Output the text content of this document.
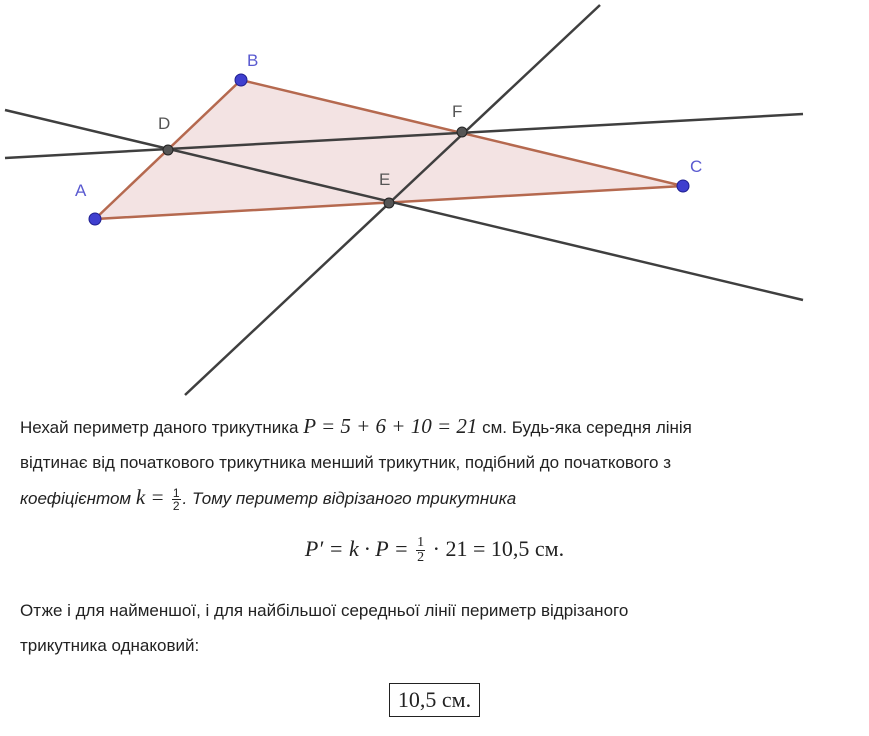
A
B
C
D
E
F

Нехай периметр даного трикутника P = 5 + 6 + 10 = 21 см. Будь-яка середня лінія
відтинає від початкового трикутника менший трикутник, подібний до початкового з
коефіцієнтом $k = \frac{1}{2}$ . Тому периметр відрізаного трикутника

$P' = k \cdot P = \frac{1}{2} \cdot 21 = 10,5$ см.

Отже і для найменшої, і для найбільшої середньої лінії периметр відрізаного
трикутника однаковий:

10,5 см.
